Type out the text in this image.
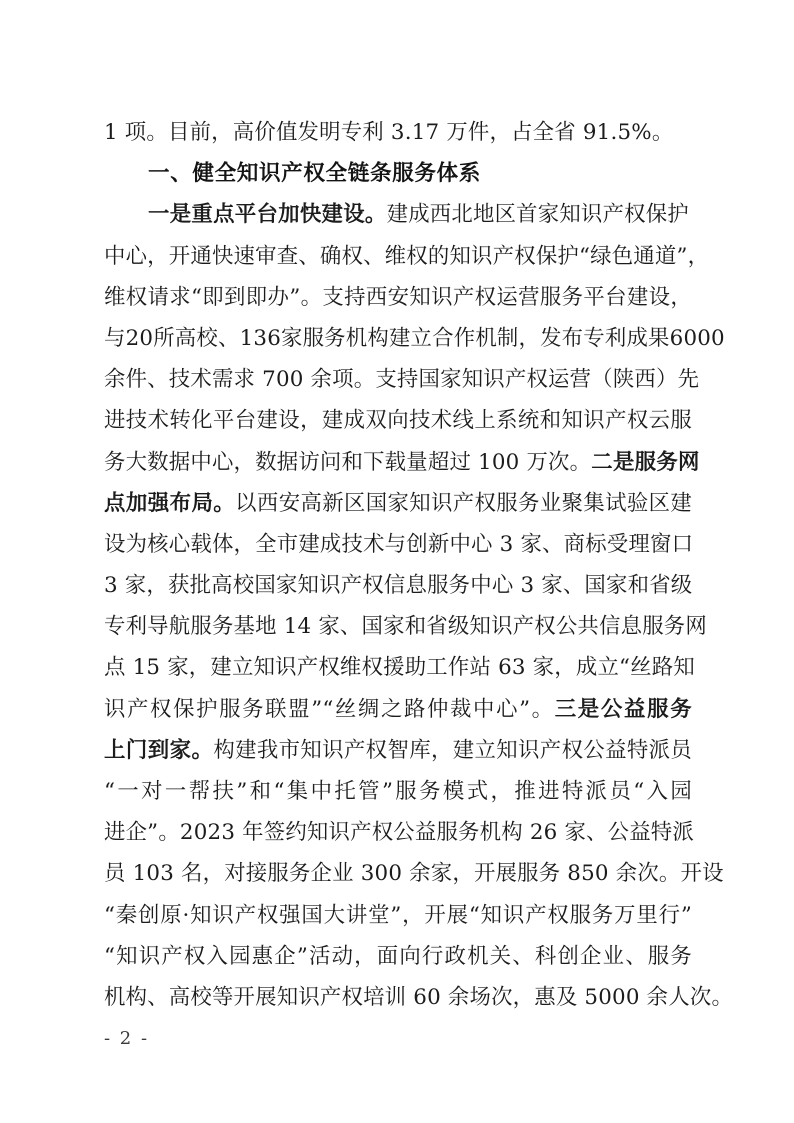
1 项。目前，高价值发明专利 3.17 万件，占全省 91.5%。
一、健全知识产权全链条服务体系
一是重点平台加快建设。建成西北地区首家知识产权保护
中心，开通快速审查、确权、维权的知识产权保护“绿色通道”，
维权请求“即到即办”。支持西安知识产权运营服务平台建设，
与20所高校、136家服务机构建立合作机制，发布专利成果6000
余件、技术需求 700 余项。支持国家知识产权运营（陕西）先
进技术转化平台建设，建成双向技术线上系统和知识产权云服
务大数据中心，数据访问和下载量超过 100 万次。二是服务网
点加强布局。以西安高新区国家知识产权服务业聚集试验区建
设为核心载体，全市建成技术与创新中心 3 家、商标受理窗口
3 家，获批高校国家知识产权信息服务中心 3 家、国家和省级
专利导航服务基地 14 家、国家和省级知识产权公共信息服务网
点 15 家，建立知识产权维权援助工作站 63 家，成立“丝路知
识产权保护服务联盟”“丝绸之路仲裁中心”。三是公益服务
上门到家。构建我市知识产权智库，建立知识产权公益特派员
“一对一帮扶”和“集中托管”服务模式，推进特派员“入园
进企”。2023 年签约知识产权公益服务机构 26 家、公益特派
员 103 名，对接服务企业 300 余家，开展服务 850 余次。开设
“秦创原·知识产权强国大讲堂”，开展“知识产权服务万里行”
“知识产权入园惠企”活动，面向行政机关、科创企业、服务
机构、高校等开展知识产权培训 60 余场次，惠及 5000 余人次。
- 2 -
